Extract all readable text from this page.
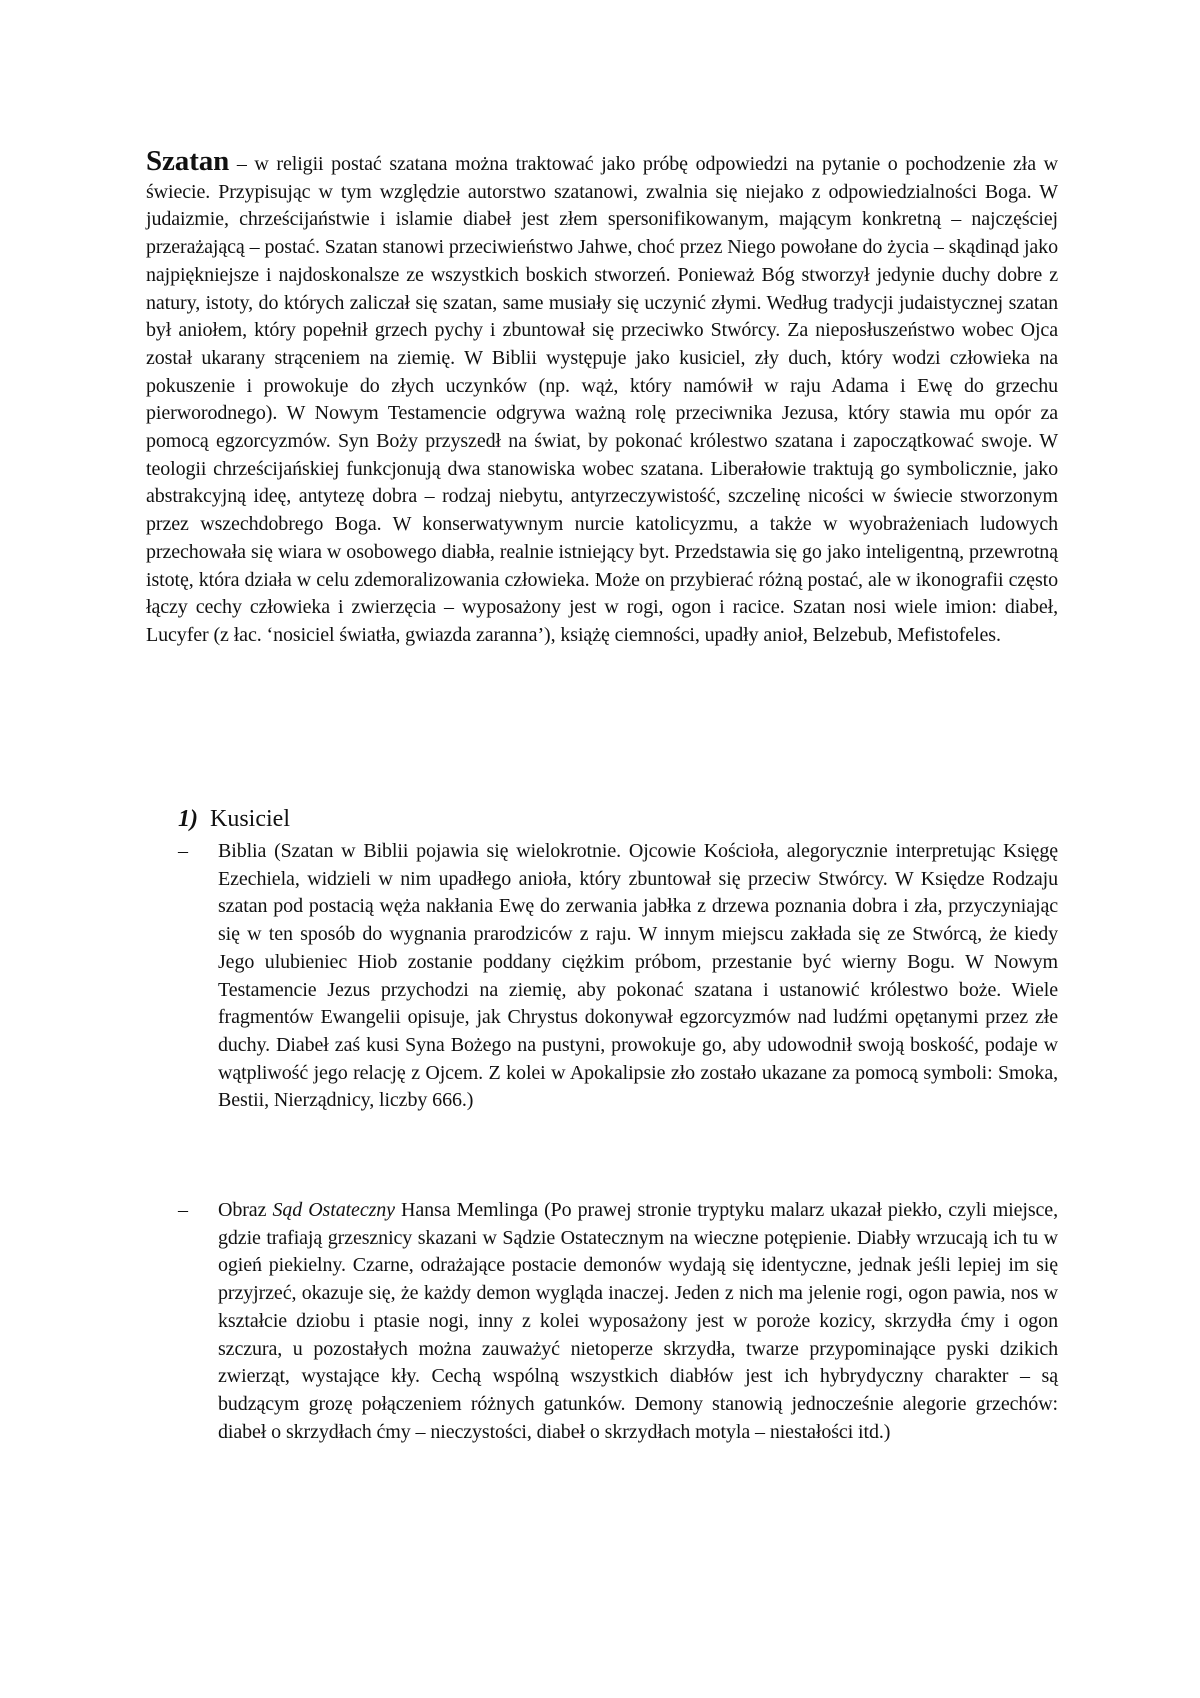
Szatan – w religii postać szatana można traktować jako próbę odpowiedzi na pytanie o pochodzenie zła w świecie. Przypisując w tym względzie autorstwo szatanowi, zwalnia się niejako z odpowiedzialności Boga. W judaizmie, chrześcijaństwie i islamie diabeł jest złem spersonifikowanym, mającym konkretną – najczęściej przerażającą – postać. Szatan stanowi przeciwieństwo Jahwe, choć przez Niego powołane do życia – skądinąd jako najpiękniejsze i najdoskonalsze ze wszystkich boskich stworzeń. Ponieważ Bóg stworzył jedynie duchy dobre z natury, istoty, do których zaliczał się szatan, same musiały się uczynić złymi. Według tradycji judaistycznej szatan był aniołem, który popełnił grzech pychy i zbuntował się przeciwko Stwórcy. Za nieposłuszeństwo wobec Ojca został ukarany strąceniem na ziemię. W Biblii występuje jako kusiciel, zły duch, który wodzi człowieka na pokuszenie i prowokuje do złych uczynków (np. wąż, który namówił w raju Adama i Ewę do grzechu pierworodnego). W Nowym Testamencie odgrywa ważną rolę przeciwnika Jezusa, który stawia mu opór za pomocą egzorcyzmów. Syn Boży przyszedł na świat, by pokonać królestwo szatana i zapoczątkować swoje. W teologii chrześcijańskiej funkcjonują dwa stanowiska wobec szatana. Liberałowie traktują go symbolicznie, jako abstrakcyjną ideę, antytezę dobra – rodzaj niebytu, antyrzeczywistość, szczelinę nicości w świecie stworzonym przez wszechdobrego Boga. W konserwatywnym nurcie katolicyzmu, a także w wyobrażeniach ludowych przechowała się wiara w osobowego diabła, realnie istniejący byt. Przedstawia się go jako inteligentną, przewrotną istotę, która działa w celu zdemoralizowania człowieka. Może on przybierać różną postać, ale w ikonografii często łączy cechy człowieka i zwierzęcia – wyposażony jest w rogi, ogon i racice. Szatan nosi wiele imion: diabeł, Lucyfer (z łac. ‘nosiciel światła, gwiazda zaranna’), książę ciemności, upadły anioł, Belzebub, Mefistofeles.

1) Kusiciel
– Biblia (Szatan w Biblii pojawia się wielokrotnie. Ojcowie Kościoła, alegorycznie interpretując Księgę Ezechiela, widzieli w nim upadłego anioła, który zbuntował się przeciw Stwórcy. W Księdze Rodzaju szatan pod postacią węża nakłania Ewę do zerwania jabłka z drzewa poznania dobra i zła, przyczyniając się w ten sposób do wygnania prarodziców z raju. W innym miejscu zakłada się ze Stwórcą, że kiedy Jego ulubieniec Hiob zostanie poddany ciężkim próbom, przestanie być wierny Bogu. W Nowym Testamencie Jezus przychodzi na ziemię, aby pokonać szatana i ustanowić królestwo boże. Wiele fragmentów Ewangelii opisuje, jak Chrystus dokonywał egzorcyzmów nad ludźmi opętanymi przez złe duchy. Diabeł zaś kusi Syna Bożego na pustyni, prowokuje go, aby udowodnił swoją boskość, podaje w wątpliwość jego relację z Ojcem. Z kolei w Apokalipsie zło zostało ukazane za pomocą symboli: Smoka, Bestii, Nierządnicy, liczby 666.)

– Obraz Sąd Ostateczny Hansa Memlinga (Po prawej stronie tryptyku malarz ukazał piekło, czyli miejsce, gdzie trafiają grzesznicy skazani w Sądzie Ostatecznym na wieczne potępienie. Diabły wrzucają ich tu w ogień piekielny. Czarne, odrażające postacie demonów wydają się identyczne, jednak jeśli lepiej im się przyjrzeć, okazuje się, że każdy demon wygląda inaczej. Jeden z nich ma jelenie rogi, ogon pawia, nos w kształcie dziobu i ptasie nogi, inny z kolei wyposażony jest w poroże kozicy, skrzydła ćmy i ogon szczura, u pozostałych można zauważyć nietoperze skrzydła, twarze przypominające pyski dzikich zwierząt, wystające kły. Cechą wspólną wszystkich diabłów jest ich hybrydyczny charakter – są budzącym grozę połączeniem różnych gatunków. Demony stanowią jednocześnie alegorie grzechów: diabeł o skrzydłach ćmy – nieczystości, diabeł o skrzydłach motyla – niestałości itd.)
